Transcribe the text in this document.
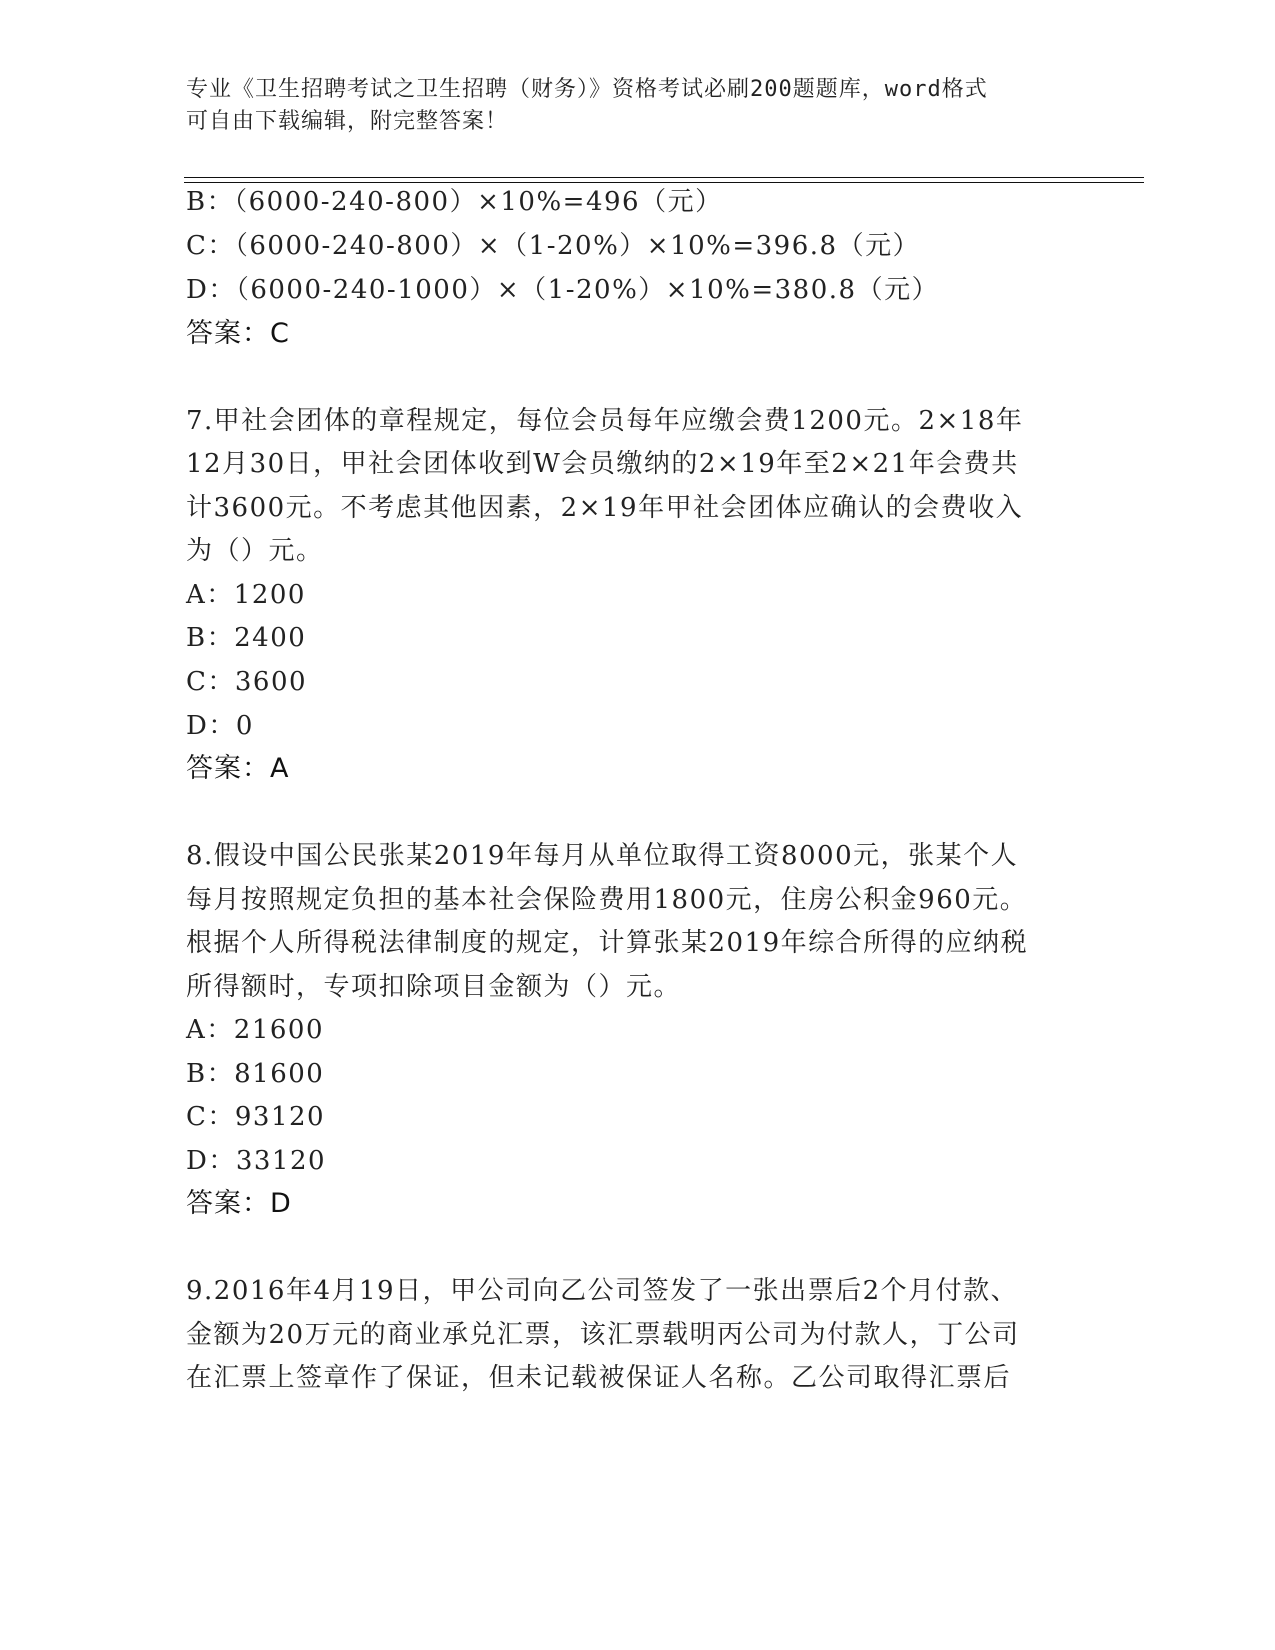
专业《卫生招聘考试之卫生招聘（财务）》资格考试必刷200题题库，word格式
可自由下载编辑，附完整答案！
B：（6000-240-800）×10%=496（元）
C：（6000-240-800）×（1-20%）×10%=396.8（元）
D：（6000-240-1000）×（1-20%）×10%=380.8（元）
答案：C
7.甲社会团体的章程规定，每位会员每年应缴会费1200元。2×18年
12月30日，甲社会团体收到W会员缴纳的2×19年至2×21年会费共
计3600元。不考虑其他因素，2×19年甲社会团体应确认的会费收入
为（）元。
A：1200
B：2400
C：3600
D：0
答案：A
8.假设中国公民张某2019年每月从单位取得工资8000元，张某个人
每月按照规定负担的基本社会保险费用1800元，住房公积金960元。
根据个人所得税法律制度的规定，计算张某2019年综合所得的应纳税
所得额时，专项扣除项目金额为（）元。
A：21600
B：81600
C：93120
D：33120
答案：D
9.2016年4月19日，甲公司向乙公司签发了一张出票后2个月付款、
金额为20万元的商业承兑汇票，该汇票载明丙公司为付款人，丁公司
在汇票上签章作了保证，但未记载被保证人名称。乙公司取得汇票后
